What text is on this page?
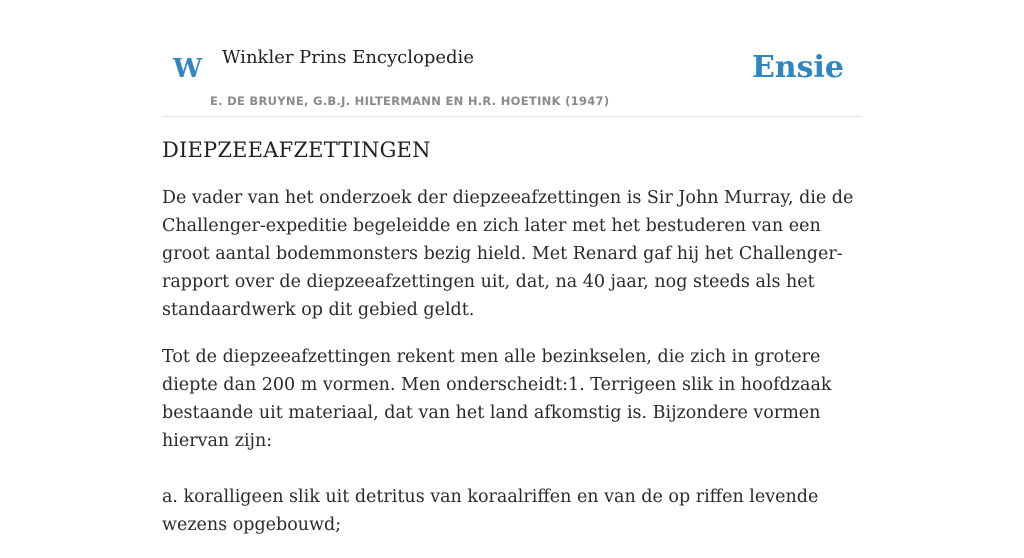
W Winkler Prins Encyclopedie
E. DE BRUYNE, G.B.J. HILTERMANN EN H.R. HOETINK (1947)
Ensie
DIEPZEEAFZETTINGEN

De vader van het onderzoek der diepzeeafzettingen is Sir John Murray, die de Challenger-expeditie begeleidde en zich later met het bestuderen van een groot aantal bodemmonsters bezig hield. Met Renard gaf hij het Challenger-rapport over de diepzeeafzettingen uit, dat, na 40 jaar, nog steeds als het standaardwerk op dit gebied geldt.

Tot de diepzeeafzettingen rekent men alle bezinkselen, die zich in grotere diepte dan 200 m vormen. Men onderscheidt:1. Terrigeen slik in hoofdzaak bestaande uit materiaal, dat van het land afkomstig is. Bijzondere vormen hiervan zijn:

a. koralligeen slik uit detritus van koraalriffen en van de op riffen levende wezens opgebouwd;
